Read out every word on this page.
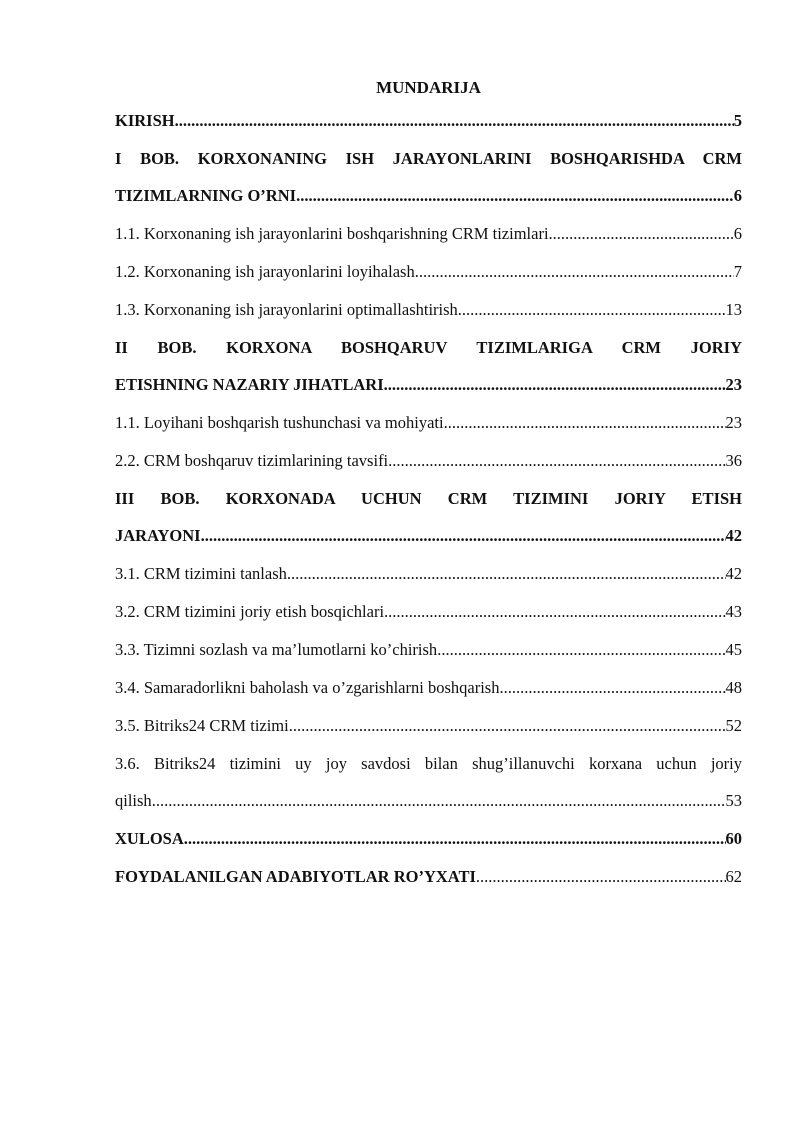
MUNDARIJA
KIRISH .....	5
I BOB. KORXONANING ISH JARAYONLARINI BOSHQARISHDA CRM
TIZIMLARNING O’RNI .....	6
1.1. Korxonaning ish jarayonlarini boshqarishning CRM tizimlari .....	6
1.2. Korxonaning ish jarayonlarini loyihalash .....	7
1.3. Korxonaning ish jarayonlarini optimallashtirish .....	13
II BOB. KORXONA BOSHQARUV TIZIMLARIGA CRM JORIY
ETISHNING NAZARIY JIHATLARI .....	23
1.1. Loyihani boshqarish tushunchasi va mohiyati .....	23
2.2. CRM boshqaruv tizimlarining tavsifi .....	36
III BOB. KORXONADA UCHUN CRM TIZIMINI JORIY ETISH
JARAYONI .....	42
3.1. CRM tizimini tanlash .....	42
3.2. CRM tizimini joriy etish bosqichlari .....	43
3.3. Tizimni sozlash va ma’lumotlarni ko’chirish .....	45
3.4. Samaradorlikni baholash va o’zgarishlarni boshqarish .....	48
3.5. Bitriks24 CRM tizimi .....	52
3.6. Bitriks24 tizimini uy joy savdosi bilan shug’illanuvchi korxana uchun joriy
qilish .....	53
XULOSA .....	60
FOYDALANILGAN ADABIYOTLAR RO’YXATI .....	62
